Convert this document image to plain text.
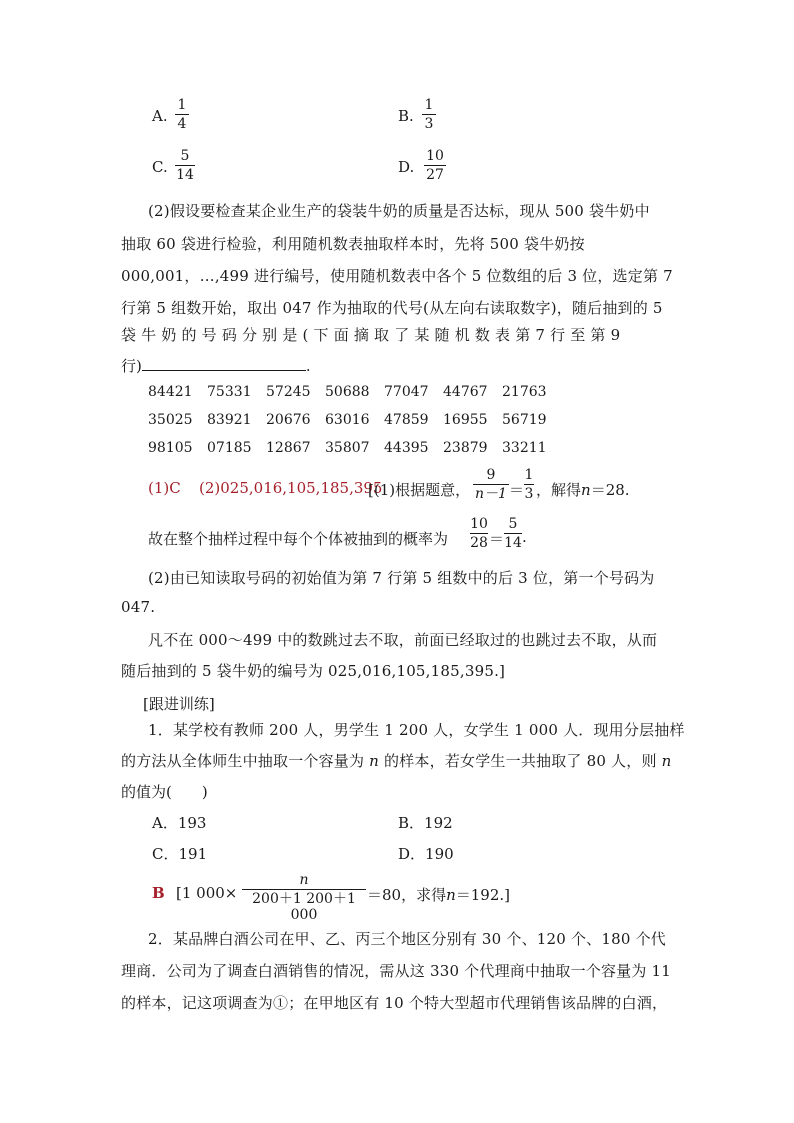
A.
1
4	B.
1
3
C.
5
14	D.
10
27
(2)假设要检查某企业生产的袋装牛奶的质量是否达标，现从 500 袋牛奶中
抽取 60 袋进行检验，利用随机数表抽取样本时，先将 500 袋牛奶按
000,001，…,499 进行编号，使用随机数表中各个 5 位数组的后 3 位，选定第 7
行第 5 组数开始，取出 047 作为抽取的代号(从左向右读取数字)，随后抽到的 5
袋 牛 奶 的 号 码 分 别 是 ( 下 面 摘 取 了 某 随 机 数 表 第 7 行 至 第 9
行)	.
84421 75331 57245 50688 77047 44767 21763
35025 83921 20676 63016 47859 16955 56719
98105 07185 12867 35807 44395 23879 33211
(1)C (2)025,016,105,185,395
[(1)根据题意，
9
n－1 ＝
1
3 ，解得n＝28.
故在整个抽样过程中每个个体被抽到的概率为
10
28 ＝
5
14 .
(2)由已知读取号码的初始值为第 7 行第 5 组数中的后 3 位，第一个号码为
047.
凡不在 000～499 中的数跳过去不取，前面已经取过的也跳过去不取，从而
随后抽到的 5 袋牛奶的编号为 025,016,105,185,395.]
[跟进训练]
1．某学校有教师 200 人，男学生 1 200 人，女学生 1 000 人．现用分层抽样
的方法从全体师生中抽取一个容量为 n 的样本，若女学生一共抽取了 80 人，则 n
的值为(　　)
A．193	B．192
C．191	D．190
B [1 000×
n
200＋1 200＋1 000
＝80，求得n＝192.]
2．某品牌白酒公司在甲、乙、丙三个地区分别有 30 个、120 个、180 个代
理商．公司为了调查白酒销售的情况，需从这 330 个代理商中抽取一个容量为 11
的样本，记这项调查为①；在甲地区有 10 个特大型超市代理销售该品牌的白酒，
